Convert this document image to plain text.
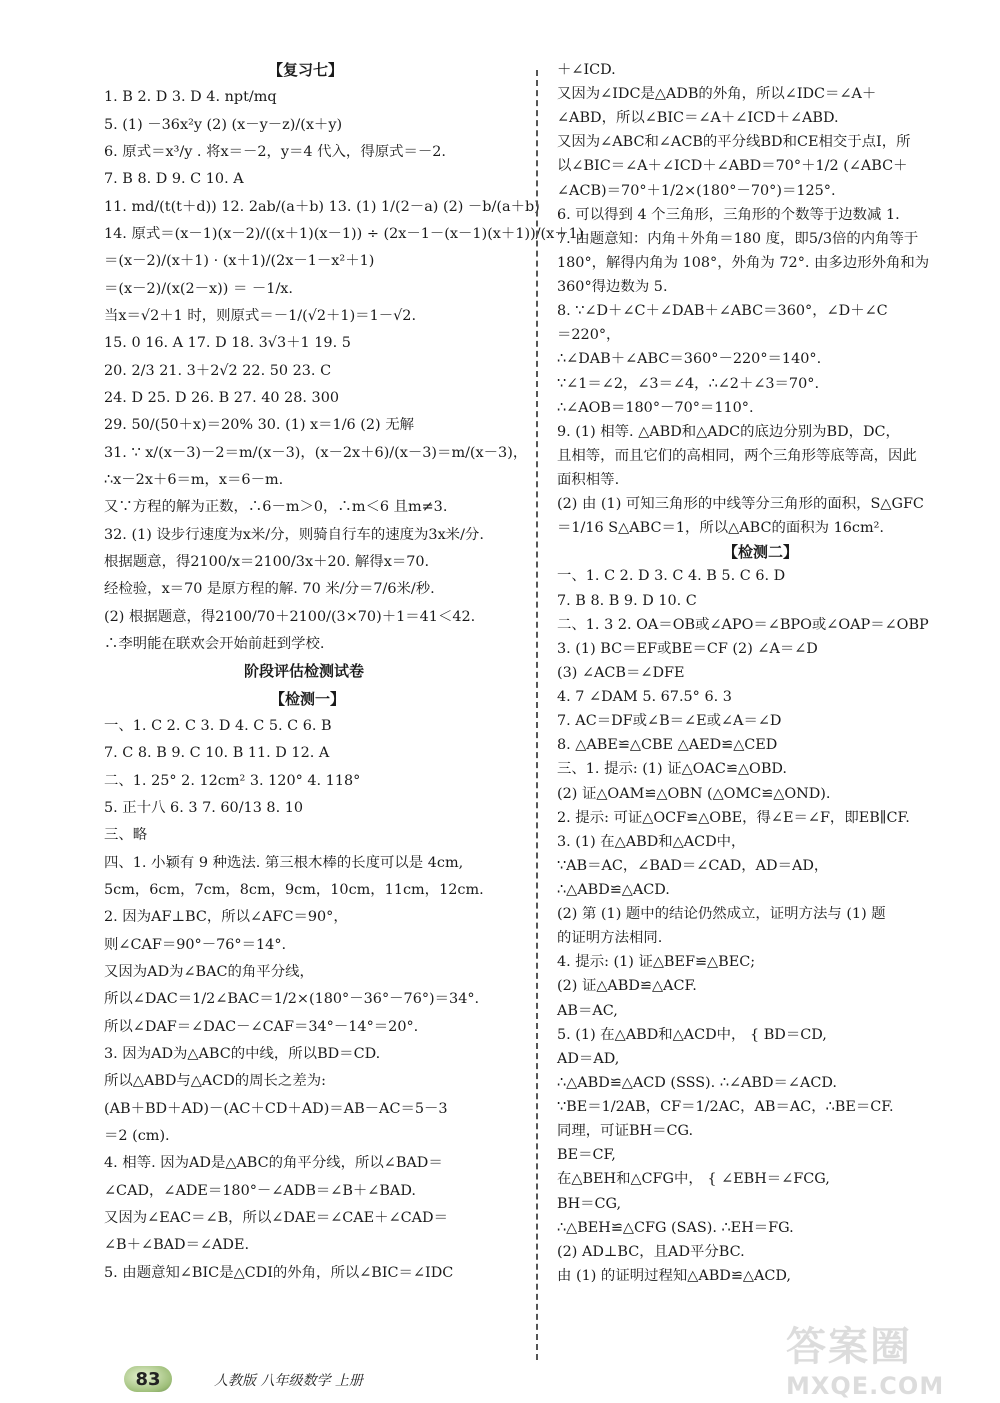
【复习七】
1. B 2. D 3. D 4. npt/mq
5. (1) －36x²y (2) (x－y－z)/(x＋y)
6. 原式＝x³/y . 将x＝－2，y＝4 代入，得原式＝－2.
7. B 8. D 9. C 10. A
11. md/(t(t＋d)) 12. 2ab/(a＋b) 13. (1) 1/(2－a) (2) －b/(a＋b)
14. 原式＝(x－1)(x－2)/((x＋1)(x－1)) ÷ (2x－1－(x－1)(x＋1))/(x＋1)
＝(x－2)/(x＋1) · (x＋1)/(2x－1－x²＋1)
＝(x－2)/(x(2－x)) ＝ －1/x.
当x＝√2＋1 时，则原式＝－1/(√2＋1)＝1－√2.
15. 0 16. A 17. D 18. 3√3＋1 19. 5
20. 2/3 21. 3＋2√2 22. 50 23. C
24. D 25. D 26. B 27. 40 28. 300
29. 50/(50＋x)＝20% 30. (1) x＝1/6 (2) 无解
31. ∵ x/(x－3)－2＝m/(x－3)，(x－2x＋6)/(x－3)＝m/(x－3)，
∴x－2x＋6＝m，x＝6－m.
又∵方程的解为正数，∴6－m＞0，∴m＜6 且m≠3.
32. (1) 设步行速度为x米/分，则骑自行车的速度为3x米/分.
根据题意，得2100/x＝2100/3x＋20. 解得x＝70.
经检验，x＝70 是原方程的解. 70 米/分＝7/6米/秒.
(2) 根据题意，得2100/70＋2100/(3×70)＋1＝41＜42.
∴李明能在联欢会开始前赶到学校.
阶段评估检测试卷
【检测一】
一、1. C 2. C 3. D 4. C 5. C 6. B
7. C 8. B 9. C 10. B 11. D 12. A
二、1. 25° 2. 12cm² 3. 120° 4. 118°
5. 正十八 6. 3 7. 60/13 8. 10
三、略
四、1. 小颖有 9 种选法. 第三根木棒的长度可以是 4cm,
5cm，6cm，7cm，8cm，9cm，10cm，11cm，12cm.
2. 因为AF⊥BC，所以∠AFC＝90°，
则∠CAF＝90°－76°＝14°.
又因为AD为∠BAC的角平分线，
所以∠DAC＝1/2∠BAC＝1/2×(180°－36°－76°)＝34°.
所以∠DAF＝∠DAC－∠CAF＝34°－14°＝20°.
3. 因为AD为△ABC的中线，所以BD＝CD.
所以△ABD与△ACD的周长之差为:
(AB＋BD＋AD)－(AC＋CD＋AD)＝AB－AC＝5－3
＝2 (cm).
4. 相等. 因为AD是△ABC的角平分线，所以∠BAD＝
∠CAD，∠ADE＝180°－∠ADB＝∠B＋∠BAD.
又因为∠EAC＝∠B，所以∠DAE＝∠CAE＋∠CAD＝
∠B＋∠BAD＝∠ADE.
5. 由题意知∠BIC是△CDI的外角，所以∠BIC＝∠IDC
＋∠ICD.
又因为∠IDC是△ADB的外角，所以∠IDC＝∠A＋
∠ABD，所以∠BIC＝∠A＋∠ICD＋∠ABD.
又因为∠ABC和∠ACB的平分线BD和CE相交于点I，所
以∠BIC＝∠A＋∠ICD＋∠ABD＝70°＋1/2 (∠ABC＋
∠ACB)＝70°＋1/2×(180°－70°)＝125°.
6. 可以得到 4 个三角形，三角形的个数等于边数减 1.
7. 由题意知：内角＋外角＝180 度，即5/3倍的内角等于
180°，解得内角为 108°，外角为 72°. 由多边形外角和为
360°得边数为 5.
8. ∵∠D＋∠C＋∠DAB＋∠ABC＝360°，∠D＋∠C
＝220°，
∴∠DAB＋∠ABC＝360°－220°＝140°.
∵∠1＝∠2，∠3＝∠4，∴∠2＋∠3＝70°.
∴∠AOB＝180°－70°＝110°.
9. (1) 相等. △ABD和△ADC的底边分别为BD，DC，
且相等，而且它们的高相同，两个三角形等底等高，因此
面积相等.
(2) 由 (1) 可知三角形的中线等分三角形的面积，S△GFC
＝1/16 S△ABC＝1，所以△ABC的面积为 16cm².
【检测二】
一、1. C 2. D 3. C 4. B 5. C 6. D
7. B 8. B 9. D 10. C
二、1. 3 2. OA＝OB或∠APO＝∠BPO或∠OAP＝∠OBP
3. (1) BC＝EF或BE＝CF (2) ∠A＝∠D
(3) ∠ACB＝∠DFE
4. 7 ∠DAM 5. 67.5° 6. 3
7. AC＝DF或∠B＝∠E或∠A＝∠D
8. △ABE≌△CBE △AED≌△CED
三、1. 提示: (1) 证△OAC≌△OBD.
(2) 证△OAM≌△OBN (△OMC≌△OND).
2. 提示: 可证△OCF≌△OBE，得∠E＝∠F，即EB∥CF.
3. (1) 在△ABD和△ACD中，
∵AB＝AC，∠BAD＝∠CAD，AD＝AD，
∴△ABD≌△ACD.
(2) 第 (1) 题中的结论仍然成立，证明方法与 (1) 题
的证明方法相同.
4. 提示: (1) 证△BEF≌△BEC;
(2) 证△ABD≌△ACF.
AB＝AC,
5. (1) 在△ABD和△ACD中， { BD＝CD,
AD＝AD,
∴△ABD≌△ACD (SSS). ∴∠ABD＝∠ACD.
∵BE＝1/2AB，CF＝1/2AC，AB＝AC，∴BE＝CF.
同理，可证BH＝CG.
BE＝CF,
在△BEH和△CFG中， { ∠EBH＝∠FCG,
BH＝CG,
∴△BEH≌△CFG (SAS). ∴EH＝FG.
(2) AD⊥BC，且AD平分BC.
由 (1) 的证明过程知△ABD≌△ACD,
83	人教版 八年级数学 上册
答案圈
MXQE.COM
